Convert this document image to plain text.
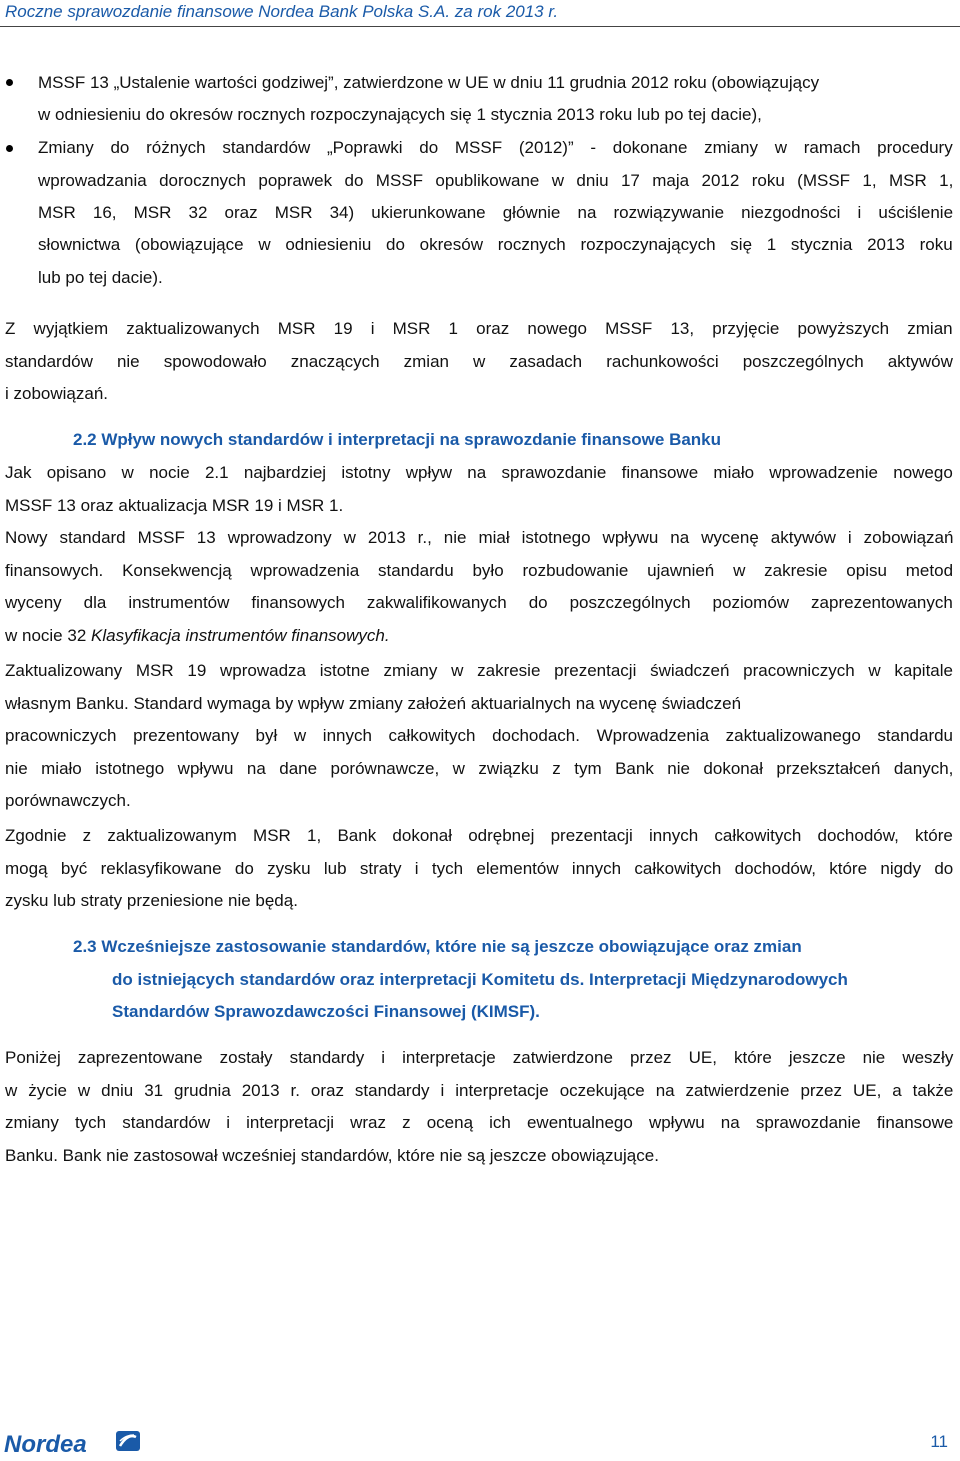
Roczne sprawozdanie finansowe Nordea Bank Polska S.A. za rok 2013 r.
MSSF 13 „Ustalenie wartości godziwej”, zatwierdzone w UE w dniu 11 grudnia 2012 roku (obowiązujący
w odniesieniu do okresów rocznych rozpoczynających się 1 stycznia 2013 roku lub po tej dacie),
Zmiany do różnych standardów „Poprawki do MSSF (2012)” - dokonane zmiany w ramach procedury
wprowadzania dorocznych poprawek do MSSF opublikowane w dniu 17 maja 2012 roku (MSSF 1, MSR 1,
MSR 16, MSR 32 oraz MSR 34) ukierunkowane głównie na rozwiązywanie niezgodności i uściślenie
słownictwa (obowiązujące w odniesieniu do okresów rocznych rozpoczynających się 1 stycznia 2013 roku
lub po tej dacie).
Z wyjątkiem zaktualizowanych MSR 19 i MSR 1 oraz nowego MSSF 13, przyjęcie powyższych zmian
standardów nie spowodowało znaczących zmian w zasadach rachunkowości poszczególnych aktywów
i zobowiązań.
2.2 Wpływ nowych standardów i interpretacji na sprawozdanie finansowe Banku
Jak opisano w nocie 2.1 najbardziej istotny wpływ na sprawozdanie finansowe miało wprowadzenie nowego
MSSF 13 oraz aktualizacja MSR 19 i MSR 1.
Nowy standard MSSF 13 wprowadzony w 2013 r., nie miał istotnego wpływu na wycenę aktywów i zobowiązań
finansowych. Konsekwencją wprowadzenia standardu było rozbudowanie ujawnień w zakresie opisu metod
wyceny dla instrumentów finansowych zakwalifikowanych do poszczególnych poziomów zaprezentowanych
w nocie 32 Klasyfikacja instrumentów finansowych.
Zaktualizowany MSR 19 wprowadza istotne zmiany w zakresie prezentacji świadczeń pracowniczych w kapitale
własnym Banku. Standard wymaga by wpływ zmiany założeń aktuarialnych na wycenę świadczeń
pracowniczych prezentowany był w innych całkowitych dochodach. Wprowadzenia zaktualizowanego standardu
nie miało istotnego wpływu na dane porównawcze, w związku z tym Bank nie dokonał przekształceń danych,
porównawczych.
Zgodnie z zaktualizowanym MSR 1, Bank dokonał odrębnej prezentacji innych całkowitych dochodów, które
mogą być reklasyfikowane do zysku lub straty i tych elementów innych całkowitych dochodów, które nigdy do
zysku lub straty przeniesione nie będą.
2.3 Wcześniejsze zastosowanie standardów, które nie są jeszcze obowiązujące oraz zmian
do istniejących standardów oraz interpretacji Komitetu ds. Interpretacji Międzynarodowych
Standardów Sprawozdawczości Finansowej (KIMSF).
Poniżej zaprezentowane zostały standardy i interpretacje zatwierdzone przez UE, które jeszcze nie weszły
w życie w dniu 31 grudnia 2013 r. oraz standardy i interpretacje oczekujące na zatwierdzenie przez UE, a także
zmiany tych standardów i interpretacji wraz z oceną ich ewentualnego wpływu na sprawozdanie finansowe
Banku. Bank nie zastosował wcześniej standardów, które nie są jeszcze obowiązujące.
Nordea	11
